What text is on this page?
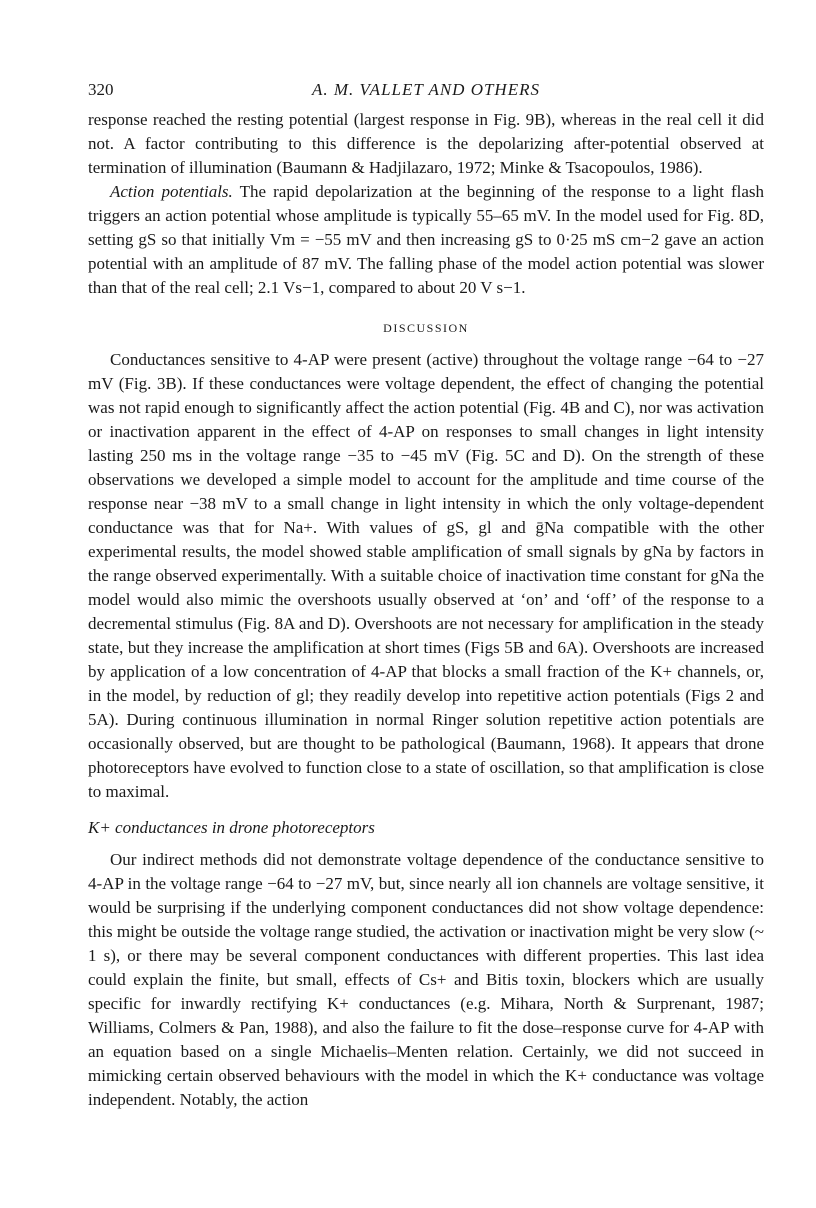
320	A. M. VALLET AND OTHERS

response reached the resting potential (largest response in Fig. 9B), whereas in the real cell it did not. A factor contributing to this difference is the depolarizing after-potential observed at termination of illumination (Baumann & Hadjilazaro, 1972; Minke & Tsacopoulos, 1986).

Action potentials. The rapid depolarization at the beginning of the response to a light flash triggers an action potential whose amplitude is typically 55–65 mV. In the model used for Fig. 8D, setting gS so that initially Vm = −55 mV and then increasing gS to 0·25 mS cm−2 gave an action potential with an amplitude of 87 mV. The falling phase of the model action potential was slower than that of the real cell; 2.1 Vs−1, compared to about 20 V s−1.

DISCUSSION

Conductances sensitive to 4-AP were present (active) throughout the voltage range −64 to −27 mV (Fig. 3B). If these conductances were voltage dependent, the effect of changing the potential was not rapid enough to significantly affect the action potential (Fig. 4B and C), nor was activation or inactivation apparent in the effect of 4-AP on responses to small changes in light intensity lasting 250 ms in the voltage range −35 to −45 mV (Fig. 5C and D). On the strength of these observations we developed a simple model to account for the amplitude and time course of the response near −38 mV to a small change in light intensity in which the only voltage-dependent conductance was that for Na+. With values of gS, gl and ḡNa compatible with the other experimental results, the model showed stable amplification of small signals by gNa by factors in the range observed experimentally. With a suitable choice of inactivation time constant for gNa the model would also mimic the overshoots usually observed at ‘on’ and ‘off’ of the response to a decremental stimulus (Fig. 8A and D). Overshoots are not necessary for amplification in the steady state, but they increase the amplification at short times (Figs 5B and 6A). Overshoots are increased by application of a low concentration of 4-AP that blocks a small fraction of the K+ channels, or, in the model, by reduction of gl; they readily develop into repetitive action potentials (Figs 2 and 5A). During continuous illumination in normal Ringer solution repetitive action potentials are occasionally observed, but are thought to be pathological (Baumann, 1968). It appears that drone photoreceptors have evolved to function close to a state of oscillation, so that amplification is close to maximal.

K+ conductances in drone photoreceptors

Our indirect methods did not demonstrate voltage dependence of the conductance sensitive to 4-AP in the voltage range −64 to −27 mV, but, since nearly all ion channels are voltage sensitive, it would be surprising if the underlying component conductances did not show voltage dependence: this might be outside the voltage range studied, the activation or inactivation might be very slow (~ 1 s), or there may be several component conductances with different properties. This last idea could explain the finite, but small, effects of Cs+ and Bitis toxin, blockers which are usually specific for inwardly rectifying K+ conductances (e.g. Mihara, North & Surprenant, 1987; Williams, Colmers & Pan, 1988), and also the failure to fit the dose–response curve for 4-AP with an equation based on a single Michaelis–Menten relation. Certainly, we did not succeed in mimicking certain observed behaviours with the model in which the K+ conductance was voltage independent. Notably, the action
